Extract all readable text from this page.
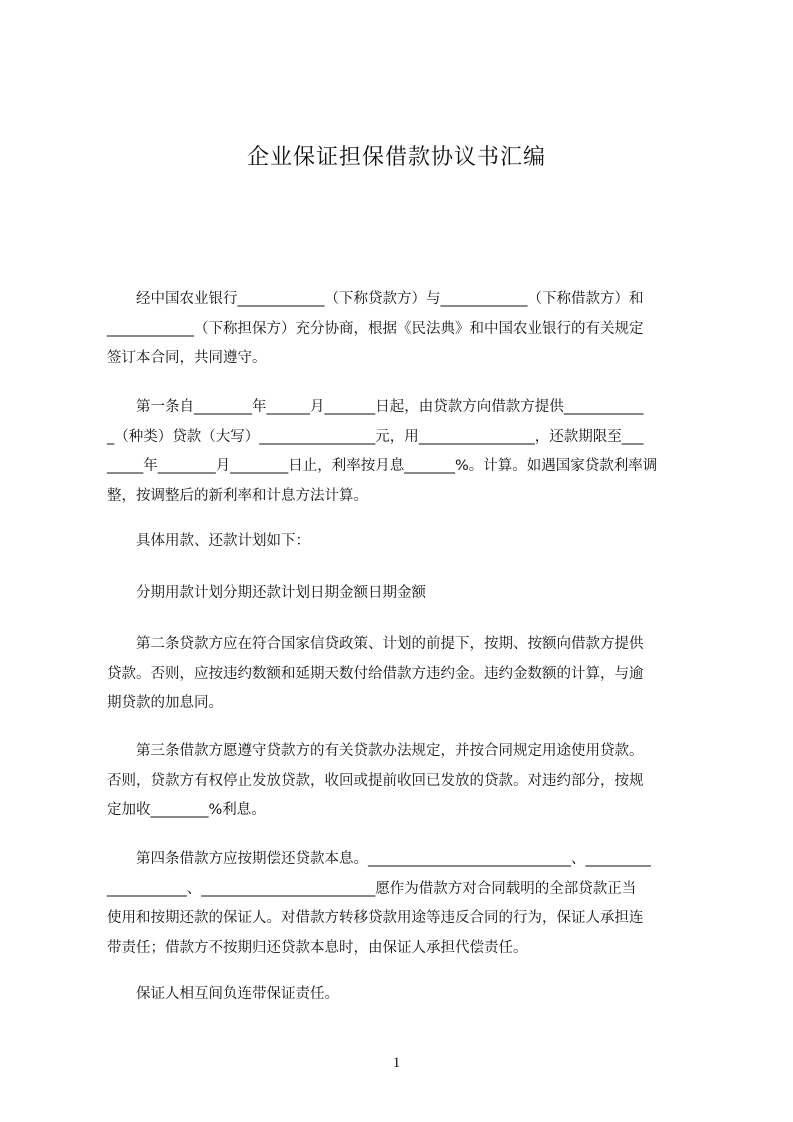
企业保证担保借款协议书汇编
　　经中国农业银行____________（下称贷款方）与____________（下称借款方）和
____________（下称担保方）充分协商，根据《民法典》和中国农业银行的有关规定
签订本合同，共同遵守。
　　第一条自________年______月_______日起，由贷款方向借款方提供___________
_（种类）贷款（大写）________________元，用________________，还款期限至___
_____年________月________日止，利率按月息_______%。计算。如遇国家贷款利率调
整，按调整后的新利率和计息方法计算。
　　具体用款、还款计划如下：
　　分期用款计划分期还款计划日期金额日期金额
　　第二条贷款方应在符合国家信贷政策、计划的前提下，按期、按额向借款方提供
贷款。否则，应按违约数额和延期天数付给借款方违约金。违约金数额的计算，与逾
期贷款的加息同。
　　第三条借款方愿遵守贷款方的有关贷款办法规定，并按合同规定用途使用贷款。
否则，贷款方有权停止发放贷款，收回或提前收回已发放的贷款。对违约部分，按规
定加收________%利息。
　　第四条借款方应按期偿还贷款本息。____________________________、_________
___________、________________________愿作为借款方对合同载明的全部贷款正当
使用和按期还款的保证人。对借款方转移贷款用途等违反合同的行为，保证人承担连
带责任；借款方不按期归还贷款本息时，由保证人承担代偿责任。
　　保证人相互间负连带保证责任。
1
